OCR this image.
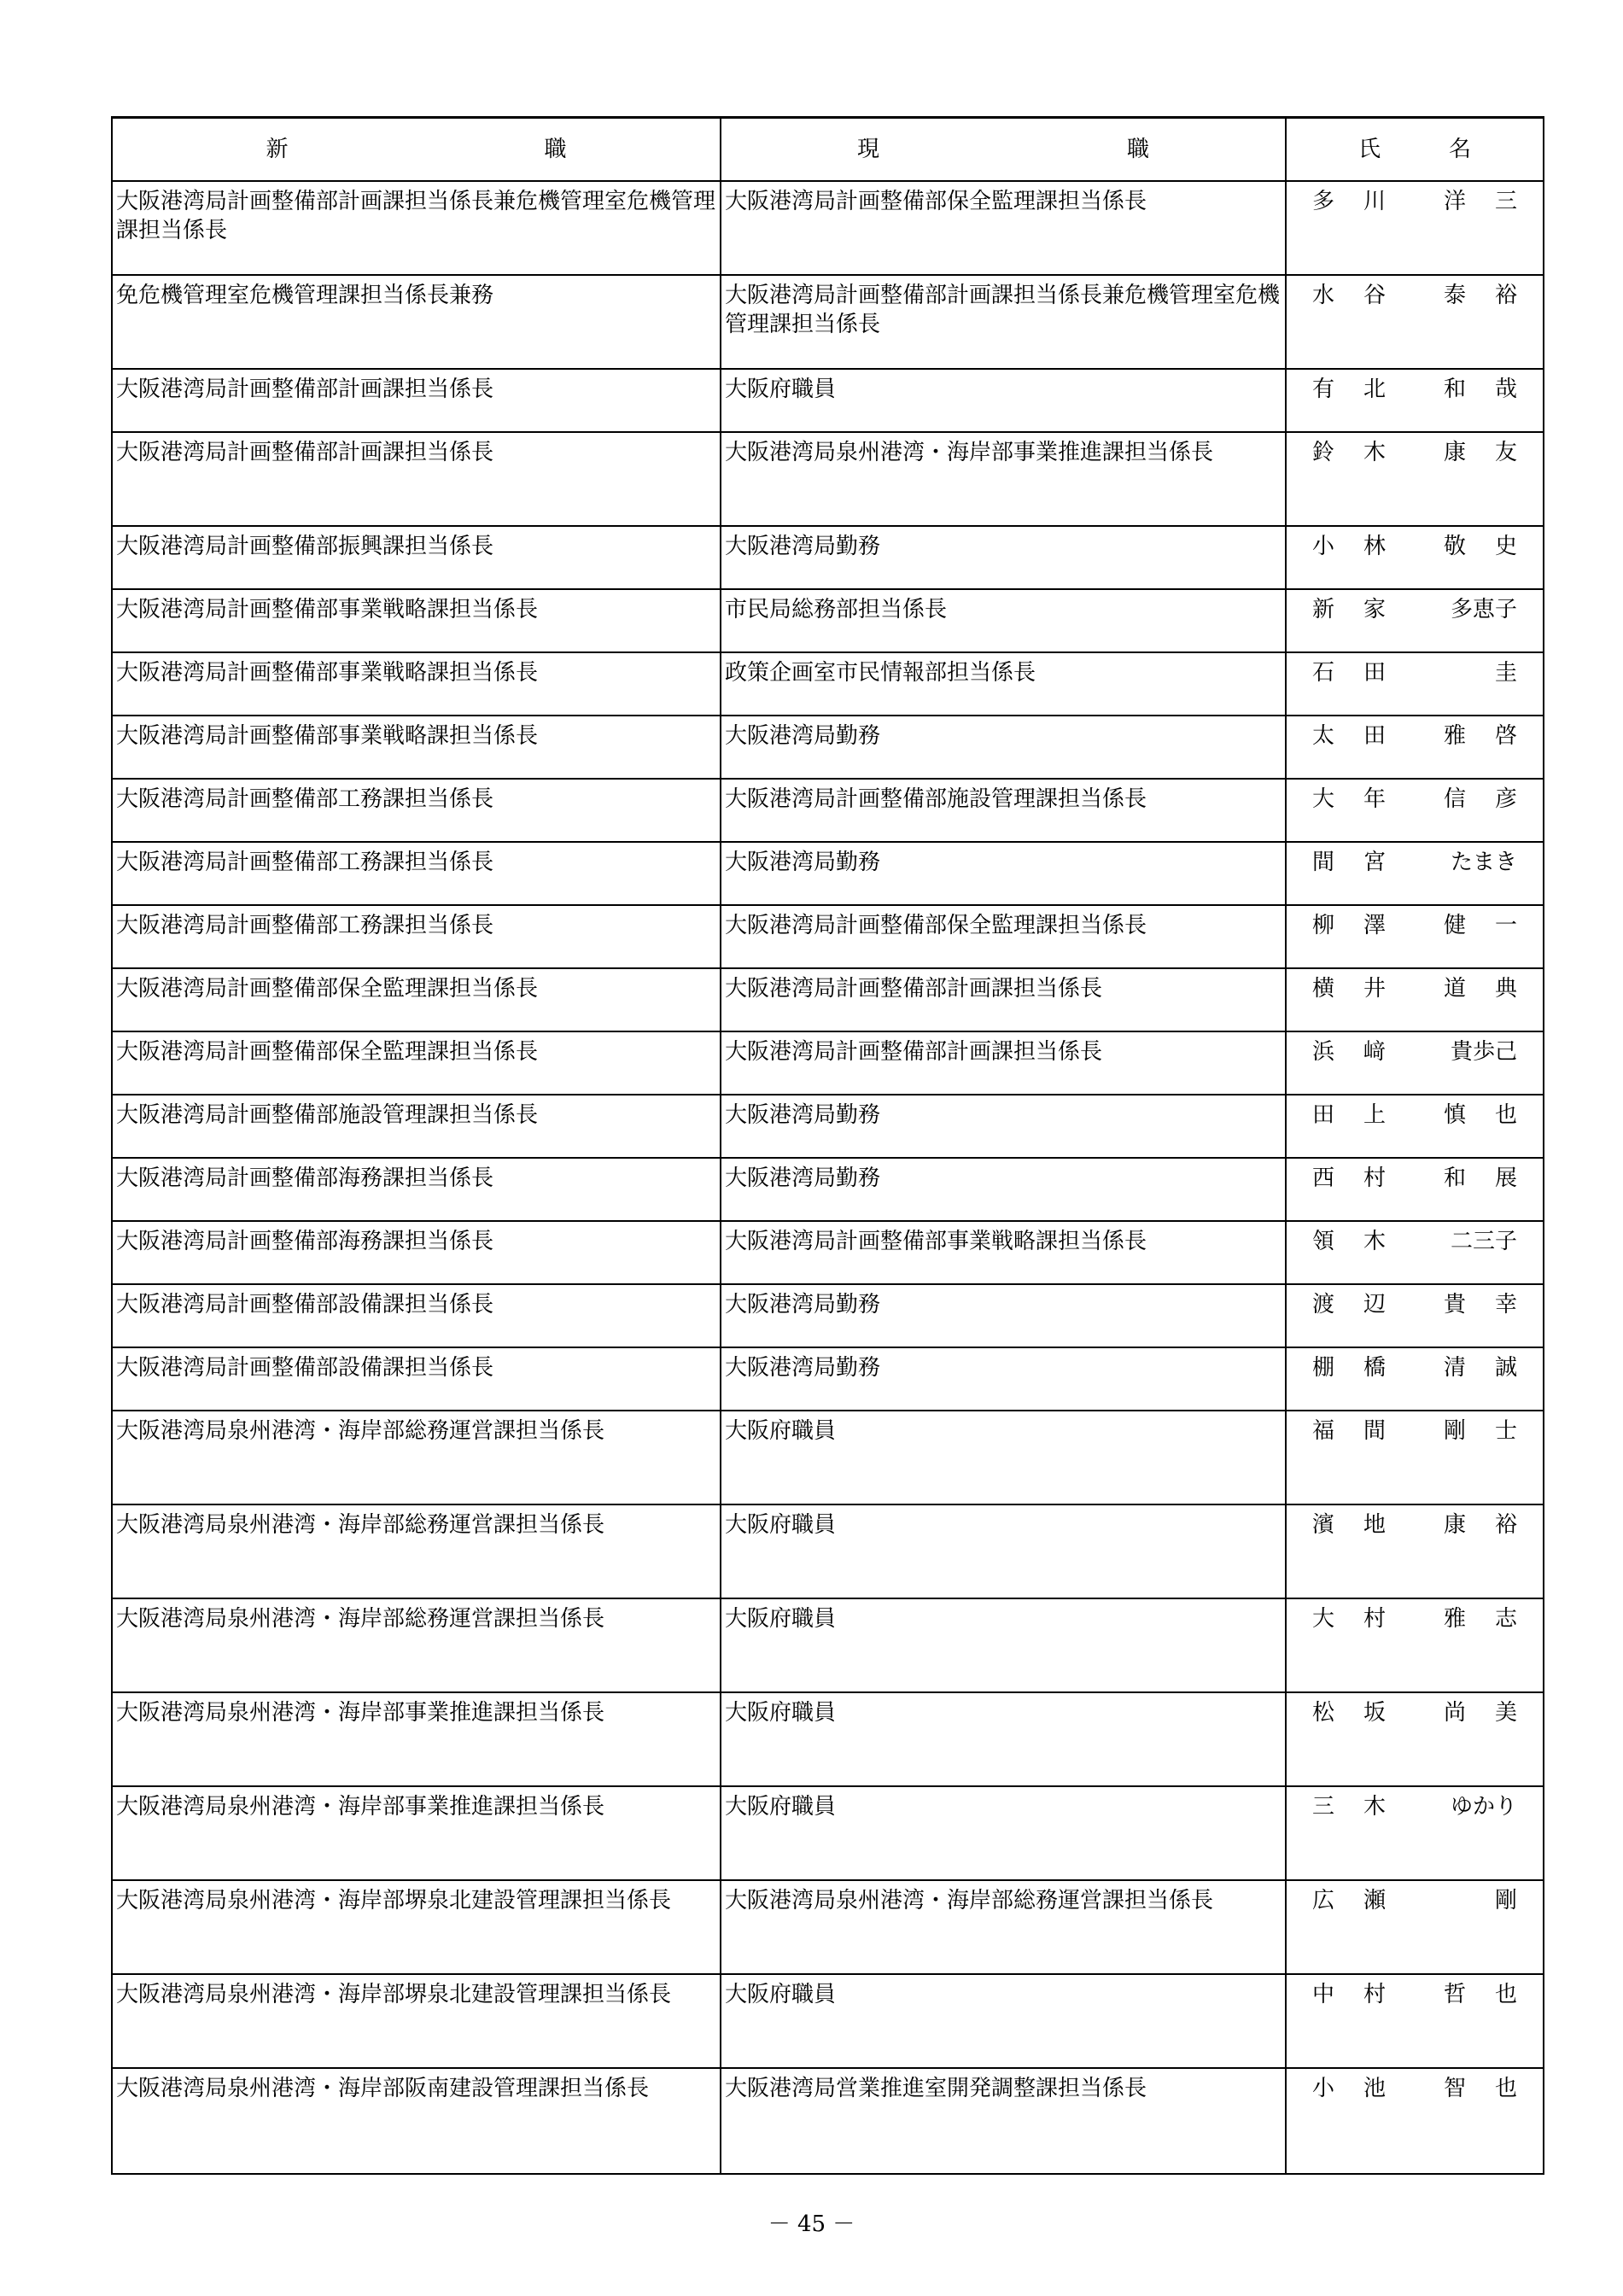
新 職	現 職	氏 名

大阪港湾局計画整備部計画課担当係長兼危機管理室危機管理課担当係長	大阪港湾局計画整備部保全監理課担当係長	多 川 洋 三

免危機管理室危機管理課担当係長兼務	大阪港湾局計画整備部計画課担当係長兼危機管理室危機管理課担当係長	水 谷 泰 裕

大阪港湾局計画整備部計画課担当係長	大阪府職員	有 北 和 哉

大阪港湾局計画整備部計画課担当係長	大阪港湾局泉州港湾・海岸部事業推進課担当係長	鈴 木 康 友

大阪港湾局計画整備部振興課担当係長	大阪港湾局勤務	小 林 敬 史

大阪港湾局計画整備部事業戦略課担当係長	市民局総務部担当係長	新 家 多恵子

大阪港湾局計画整備部事業戦略課担当係長	政策企画室市民情報部担当係長	石 田 圭

大阪港湾局計画整備部事業戦略課担当係長	大阪港湾局勤務	太 田 雅 啓

大阪港湾局計画整備部工務課担当係長	大阪港湾局計画整備部施設管理課担当係長	大 年 信 彦

大阪港湾局計画整備部工務課担当係長	大阪港湾局勤務	間 宮 たまき

大阪港湾局計画整備部工務課担当係長	大阪港湾局計画整備部保全監理課担当係長	柳 澤 健 一

大阪港湾局計画整備部保全監理課担当係長	大阪港湾局計画整備部計画課担当係長	横 井 道 典

大阪港湾局計画整備部保全監理課担当係長	大阪港湾局計画整備部計画課担当係長	浜 﨑 貴歩己

大阪港湾局計画整備部施設管理課担当係長	大阪港湾局勤務	田 上 慎 也

大阪港湾局計画整備部海務課担当係長	大阪港湾局勤務	西 村 和 展

大阪港湾局計画整備部海務課担当係長	大阪港湾局計画整備部事業戦略課担当係長	領 木 二三子

大阪港湾局計画整備部設備課担当係長	大阪港湾局勤務	渡 辺 貴 幸

大阪港湾局計画整備部設備課担当係長	大阪港湾局勤務	棚 橋 清 誠

大阪港湾局泉州港湾・海岸部総務運営課担当係長	大阪府職員	福 間 剛 士

大阪港湾局泉州港湾・海岸部総務運営課担当係長	大阪府職員	濱 地 康 裕

大阪港湾局泉州港湾・海岸部総務運営課担当係長	大阪府職員	大 村 雅 志

大阪港湾局泉州港湾・海岸部事業推進課担当係長	大阪府職員	松 坂 尚 美

大阪港湾局泉州港湾・海岸部事業推進課担当係長	大阪府職員	三 木 ゆかり

大阪港湾局泉州港湾・海岸部堺泉北建設管理課担当係長	大阪港湾局泉州港湾・海岸部総務運営課担当係長	広 瀬 剛

大阪港湾局泉州港湾・海岸部堺泉北建設管理課担当係長	大阪府職員	中 村 哲 也

大阪港湾局泉州港湾・海岸部阪南建設管理課担当係長	大阪港湾局営業推進室開発調整課担当係長	小 池 智 也
－ 45 －
